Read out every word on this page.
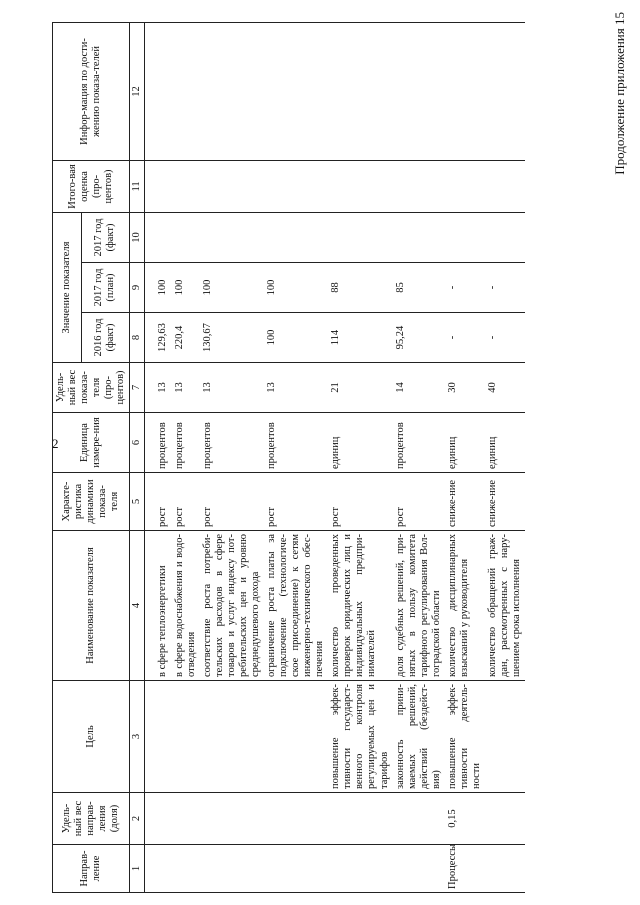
2
Продолжение приложения 15
Направ-ление	Удель-ный вес направ-ления (доля)	Цель	Наименование показателя	Характе-ристика динамики показа-теля	Единица измере-ния	Удель-ный вес показа-теля (про-центов)	Значение показателя			Итого-вая оценка (про-центов)	Инфор-мация по дости-жению показа-телей
							2016 год (факт)	2017 год (план)	2017 год (факт)		
1	2	3	4	5	6	7	8	9	10	11	12

			в сфере теплоэнергетики	рост	процентов	13	129,63	100			
			в сфере водоснабжения и водо-отведения	рост	процентов	13	220,4	100			
			соответствие роста потреби-тельских расходов в сфере товаров и услуг индексу пот-ребительских цен и уровню среднедушевого дохода	рост	процентов	13	130,67	100			
			ограничение роста платы за подключение (технологиче-ское присоединение) к сетям инженерно-технического обес-печения	рост	процентов	13	100	100			
		повышение эффек-тивности государст-венного контроля регулируемых цен и тарифов	количество проведенных проверок юридических лиц и индивидуальных предпри-нимателей	рост	единиц	21	114	88			
		законность прини-маемых решений, действий (бездейст-вия)	доля судебных решений, при-нятых в пользу комитета тарифного регулирования Вол-гоградской области	рост	процентов	14	95,24	85			
Процессы	0,15	повышение эффек-тивности деятель-ности	количество дисциплинарных взысканий у руководителя	сниже-ние	единиц	30	-	-			
			количество обращений граж-дан, рассмотренных с нару-шением срока исполнения	сниже-ние	единиц	40	-	-			
